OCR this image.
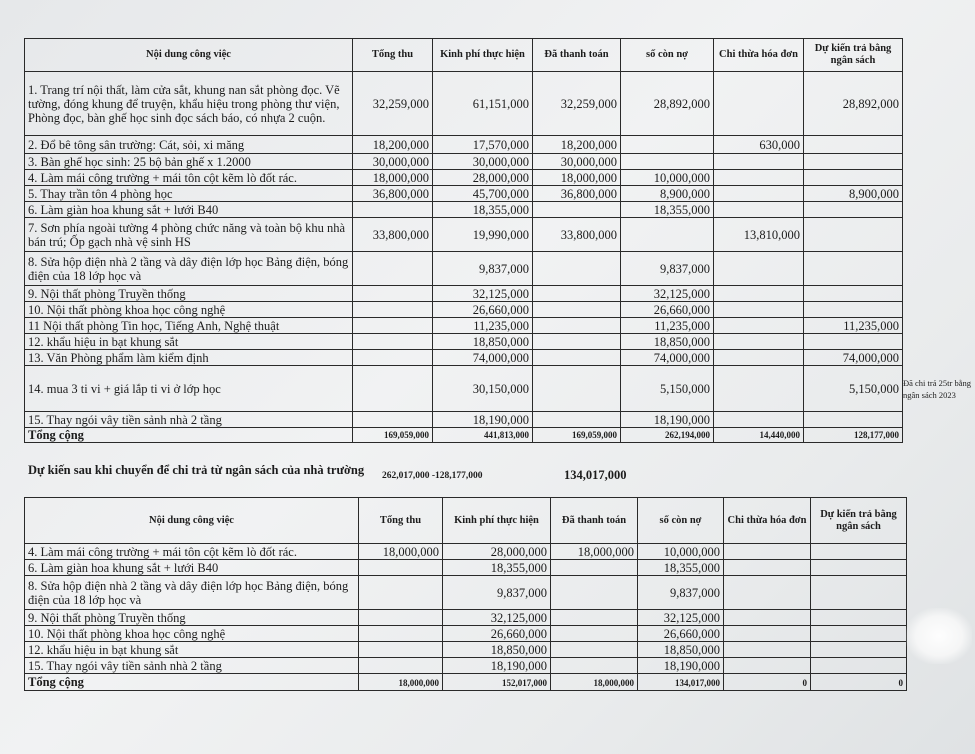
Nội dung công việc	Tổng thu	Kinh phí thực hiện	Đã thanh toán	số còn nợ	Chi thừa hóa đơn	Dự kiến trả bằng ngân sách
1. Trang trí nội thất, làm cửa sắt, khung nan sắt phòng đọc. Vẽ tường, đóng khung để truyện, khẩu hiệu trong phòng thư viện, Phòng đọc, bàn ghế học sinh đọc sách báo, có nhựa 2 cuộn.	32,259,000	61,151,000	32,259,000	28,892,000		28,892,000
2. Đổ bê tông sân trường: Cát, sỏi, xi măng	18,200,000	17,570,000	18,200,000		630,000	
3. Bàn ghế học sinh: 25 bộ bản ghế x 1.2000	30,000,000	30,000,000	30,000,000			
4. Làm mái công trường + mái tôn cột kẽm lò đốt rác.	18,000,000	28,000,000	18,000,000	10,000,000		
5. Thay trần tôn 4 phòng học	36,800,000	45,700,000	36,800,000	8,900,000		8,900,000
6. Làm giàn hoa khung sắt + lưới B40		18,355,000		18,355,000		
7. Sơn phía ngoài tường 4 phòng chức năng và toàn bộ khu nhà bán trú; Ốp gạch nhà vệ sinh HS	33,800,000	19,990,000	33,800,000		13,810,000	
8. Sửa hộp điện nhà 2 tầng và dây điện lớp học Bảng điện, bóng điện của 18 lớp học và		9,837,000		9,837,000		
9. Nội thất phòng Truyền thống		32,125,000		32,125,000		
10. Nội thất phòng khoa học công nghệ		26,660,000		26,660,000		
11 Nội thất phòng Tin học, Tiếng Anh, Nghệ thuật		11,235,000		11,235,000		11,235,000
12. khẩu hiệu in bạt khung sắt		18,850,000		18,850,000		
13. Văn Phòng phẩm làm kiểm định		74,000,000		74,000,000		74,000,000
14. mua 3 ti vi + giá lắp ti vi ở lớp học		30,150,000		5,150,000		5,150,000
15. Thay ngói vây tiền sảnh nhà 2 tầng		18,190,000		18,190,000		
Tổng cộng	169,059,000	441,813,000	169,059,000	262,194,000	14,440,000	128,177,000
Đã chi trả 25tr bằng ngân sách 2023
Dự kiến sau khi chuyển để chi trả từ ngân sách của nhà trường	262,017,000 -128,177,000	134,017,000
Nội dung công việc	Tổng thu	Kinh phí thực hiện	Đã thanh toán	số còn nợ	Chi thừa hóa đơn	Dự kiến trả bằng ngân sách
4. Làm mái công trường + mái tôn cột kẽm lò đốt rác.	18,000,000	28,000,000	18,000,000	10,000,000		
6. Làm giàn hoa khung sắt + lưới B40		18,355,000		18,355,000		
8. Sửa hộp điện nhà 2 tầng và dây điện lớp học Bảng điện, bóng điện của 18 lớp học và		9,837,000		9,837,000		
9. Nội thất phòng Truyền thống		32,125,000		32,125,000		
10. Nội thất phòng khoa học công nghệ		26,660,000		26,660,000		
12. khẩu hiệu in bạt khung sắt		18,850,000		18,850,000		
15. Thay ngói vây tiền sảnh nhà 2 tầng		18,190,000		18,190,000		
Tổng cộng	18,000,000	152,017,000	18,000,000	134,017,000	0	0
